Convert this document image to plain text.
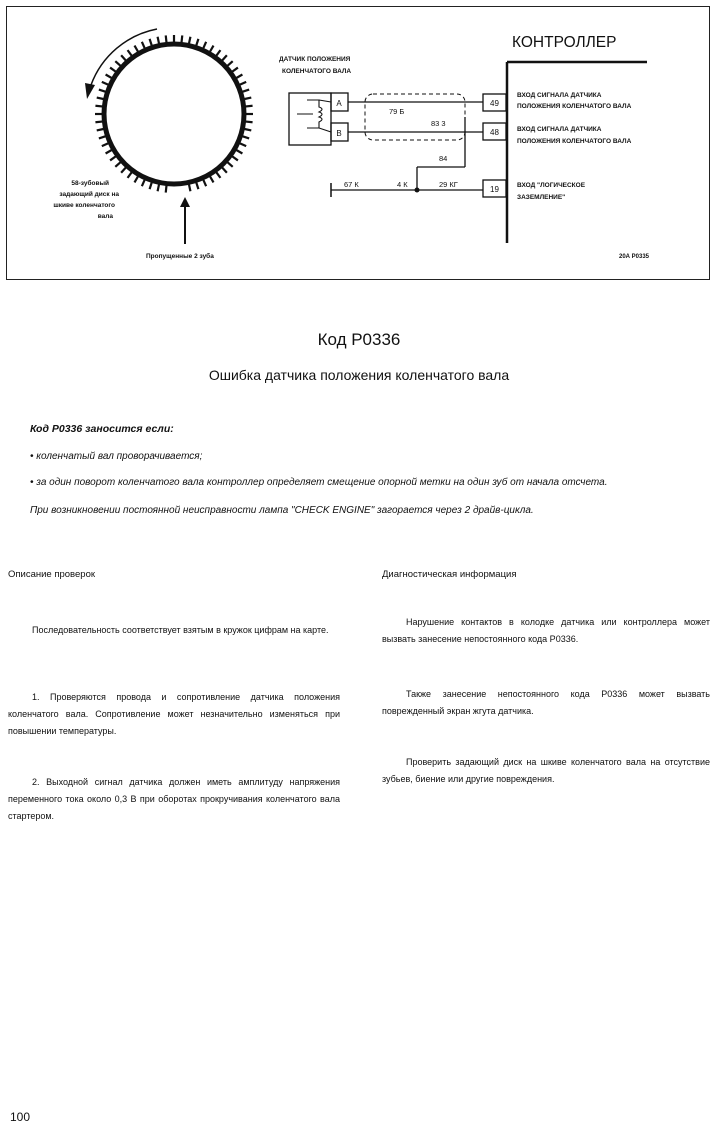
58-зубовый
задающий диск на
шкиве коленчатого
вала
Пропущенные 2 зуба
ДАТЧИК ПОЛОЖЕНИЯ
КОЛЕНЧАТОГО ВАЛА
A
B
79 Б
83 3
84
67 К	4 К	29 КГ
КОНТРОЛЛЕР
49
48
19
ВХОД СИГНАЛА ДАТЧИКА
ПОЛОЖЕНИЯ КОЛЕНЧАТОГО ВАЛА
ВХОД СИГНАЛА ДАТЧИКА
ПОЛОЖЕНИЯ КОЛЕНЧАТОГО ВАЛА
ВХОД "ЛОГИЧЕСКОЕ
ЗАЗЕМЛЕНИЕ"
20А Р0335
Код Р0336
Ошибка датчика положения коленчатого вала
Код Р0336 заносится если:
• коленчатый вал проворачивается;
• за один поворот коленчатого вала контроллер определяет смещение опорной метки на один зуб от начала отсчета.
При возникновении постоянной неисправности лампа "CHECK ENGINE" загорается через 2 драйв-цикла.
Описание проверок	Диагностическая информация
Последовательность соответствует взятым в кружок цифрам на карте.
1. Проверяются провода и сопротивление датчика положения коленчатого вала. Сопротивление может незначительно изменяться при повышении температуры.
2. Выходной сигнал датчика должен иметь амплитуду напряжения переменного тока около 0,3 В при оборотах прокручивания коленчатого вала стартером.
Нарушение контактов в колодке датчика или контроллера может вызвать занесение непостоянного кода Р0336.
Также занесение непостоянного кода Р0336 может вызвать поврежденный экран жгута датчика.
Проверить задающий диск на шкиве коленчатого вала на отсутствие зубьев, биение или другие повреждения.
100
